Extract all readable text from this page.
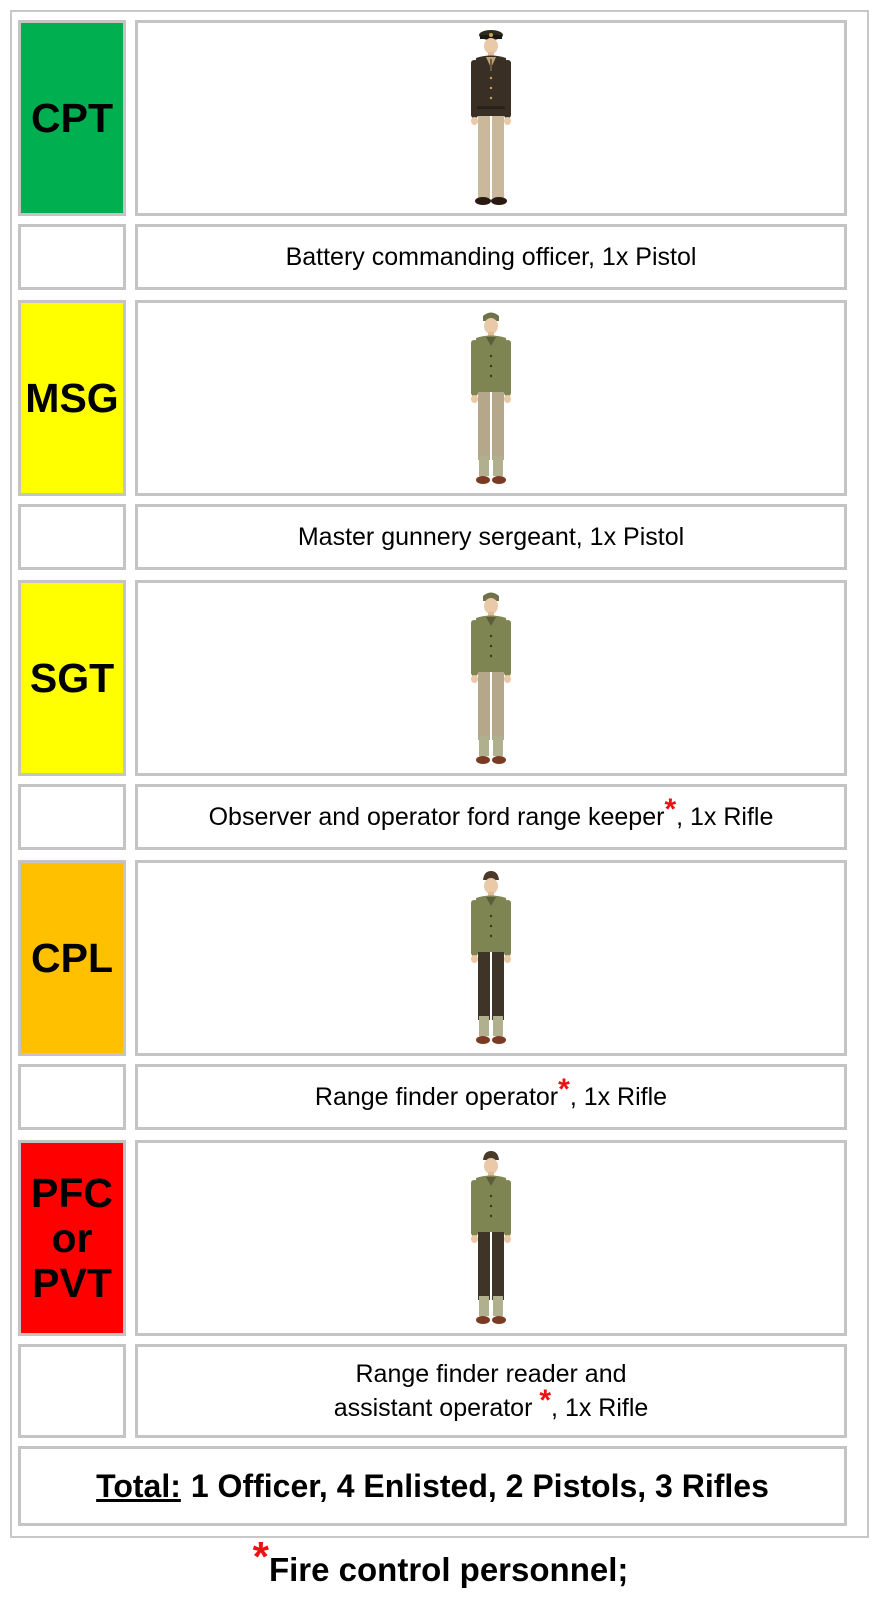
CPT
Battery commanding officer, 1x Pistol
MSG
Master gunnery sergeant, 1x Pistol
SGT
Observer and operator ford range keeper*, 1x Rifle
CPL
Range finder operator*, 1x Rifle
PFC
or
PVT
Range finder reader and
assistant operator *, 1x Rifle
Total: 1 Officer, 4 Enlisted, 2 Pistols, 3 Rifles
*Fire control personnel;
